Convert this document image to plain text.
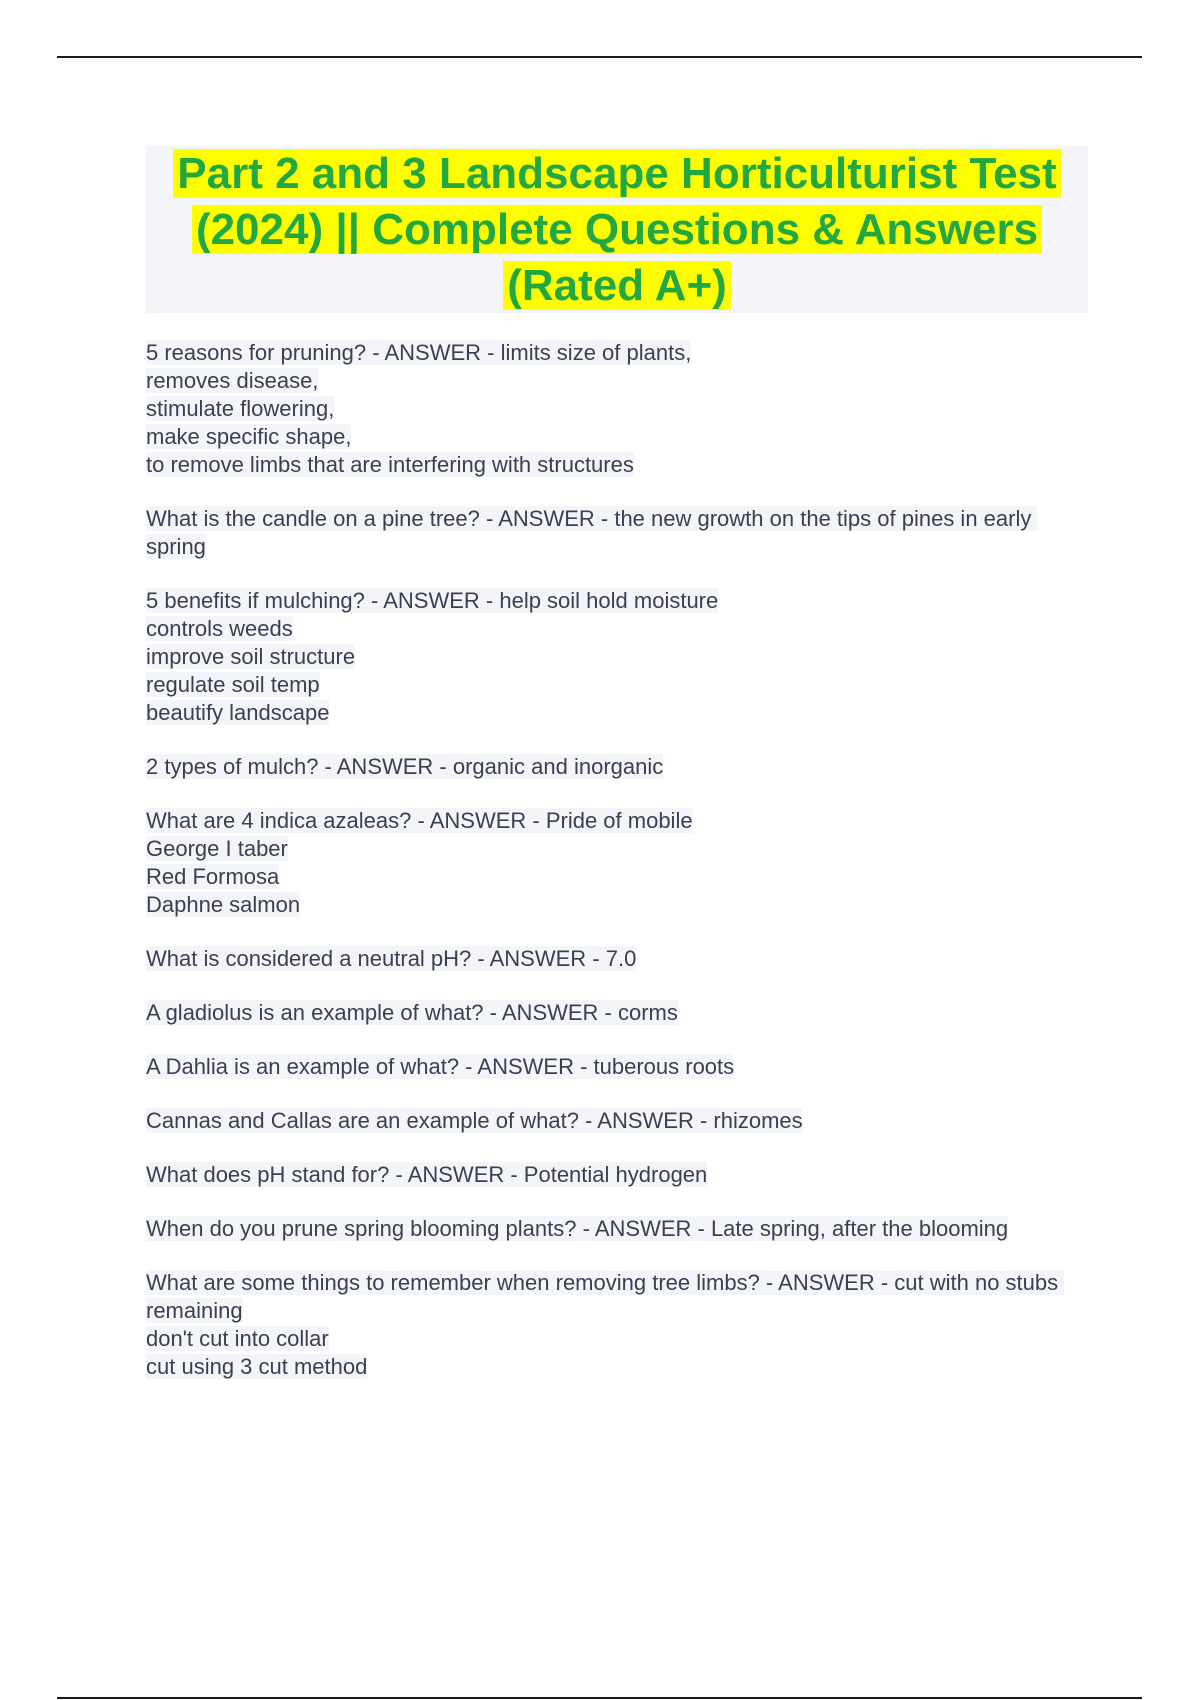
Part 2 and 3 Landscape Horticulturist Test (2024) || Complete Questions & Answers (Rated A+)
5 reasons for pruning? - ANSWER - limits size of plants,
removes disease,
stimulate flowering,
make specific shape,
to remove limbs that are interfering with structures
What is the candle on a pine tree? - ANSWER - the new growth on the tips of pines in early spring
5 benefits if mulching? - ANSWER - help soil hold moisture
controls weeds
improve soil structure
regulate soil temp
beautify landscape
2 types of mulch? - ANSWER - organic and inorganic
What are 4 indica azaleas? - ANSWER - Pride of mobile
George I taber
Red Formosa
Daphne salmon
What is considered a neutral pH? - ANSWER - 7.0
A gladiolus is an example of what? - ANSWER - corms
A Dahlia is an example of what? - ANSWER - tuberous roots
Cannas and Callas are an example of what? - ANSWER - rhizomes
What does pH stand for? - ANSWER - Potential hydrogen
When do you prune spring blooming plants? - ANSWER - Late spring, after the blooming
What are some things to remember when removing tree limbs? - ANSWER - cut with no stubs remaining
don't cut into collar
cut using 3 cut method
